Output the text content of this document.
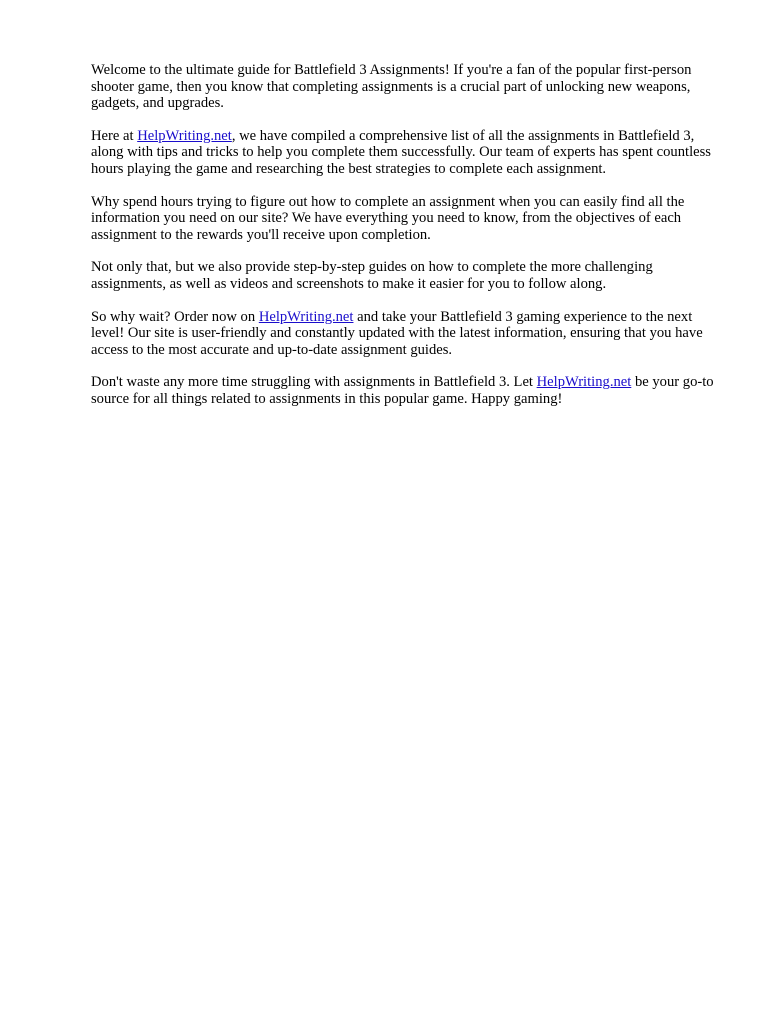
Welcome to the ultimate guide for Battlefield 3 Assignments! If you're a fan of the popular first-person shooter game, then you know that completing assignments is a crucial part of unlocking new weapons, gadgets, and upgrades.

Here at HelpWriting.net, we have compiled a comprehensive list of all the assignments in Battlefield 3, along with tips and tricks to help you complete them successfully. Our team of experts has spent countless hours playing the game and researching the best strategies to complete each assignment.

Why spend hours trying to figure out how to complete an assignment when you can easily find all the information you need on our site? We have everything you need to know, from the objectives of each assignment to the rewards you'll receive upon completion.

Not only that, but we also provide step-by-step guides on how to complete the more challenging assignments, as well as videos and screenshots to make it easier for you to follow along.

So why wait? Order now on HelpWriting.net and take your Battlefield 3 gaming experience to the next level! Our site is user-friendly and constantly updated with the latest information, ensuring that you have access to the most accurate and up-to-date assignment guides.

Don't waste any more time struggling with assignments in Battlefield 3. Let HelpWriting.net be your go-to source for all things related to assignments in this popular game. Happy gaming!
